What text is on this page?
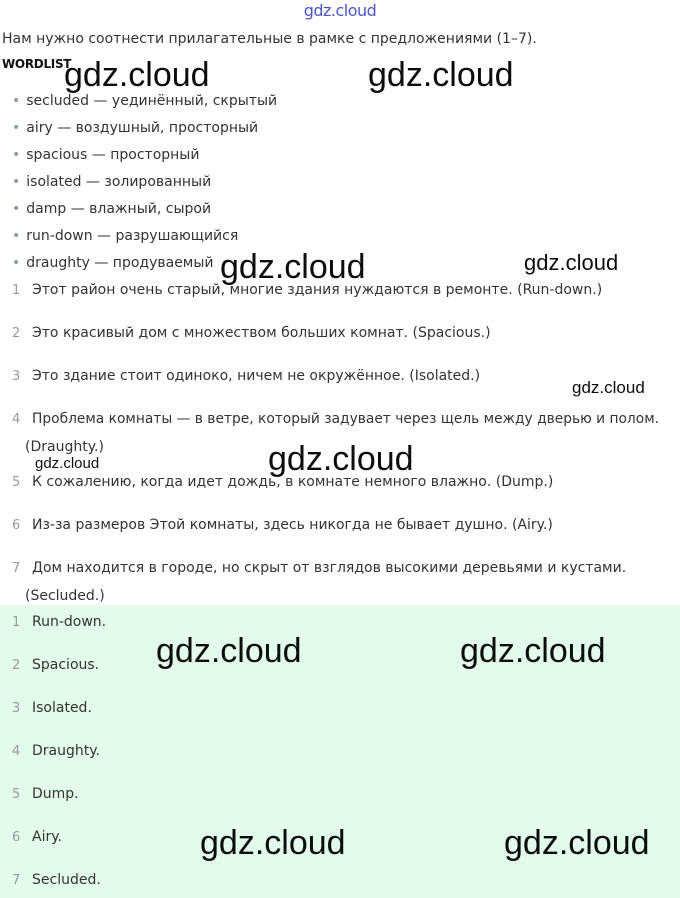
gdz.cloud
Нам нужно соотнести прилагательные в рамке с предложениями (1–7).
WORDLIST
• secluded — уединённый, скрытый
• airy — воздушный, просторный
• spacious — просторный
• isolated — золированный
• damp — влажный, сырой
• run-down — разрушающийся
• draughty — продуваемый
1 Этот район очень старый, многие здания нуждаются в ремонте. (Run-down.)
2 Это красивый дом с множеством больших комнат. (Spacious.)
3 Это здание стоит одиноко, ничем не окружённое. (Isolated.)
4 Проблема комнаты — в ветре, который задувает через щель между дверью и полом.
(Draughty.)
5 К сожалению, когда идет дождь, в комнате немного влажно. (Dump.)
6 Из-за размеров Этой комнаты, здесь никогда не бывает душно. (Airy.)
7 Дом находится в городе, но скрыт от взглядов высокими деревьями и кустами.
(Secluded.)
1 Run-down.
2 Spacious.
3 Isolated.
4 Draughty.
5 Dump.
6 Airy.
7 Secluded.
gdz.cloud	gdz.cloud
gdz.cloud	gdz.cloud
gdz.cloud
gdz.cloud	gdz.cloud
gdz.cloud	gdz.cloud
gdz.cloud	gdz.cloud
